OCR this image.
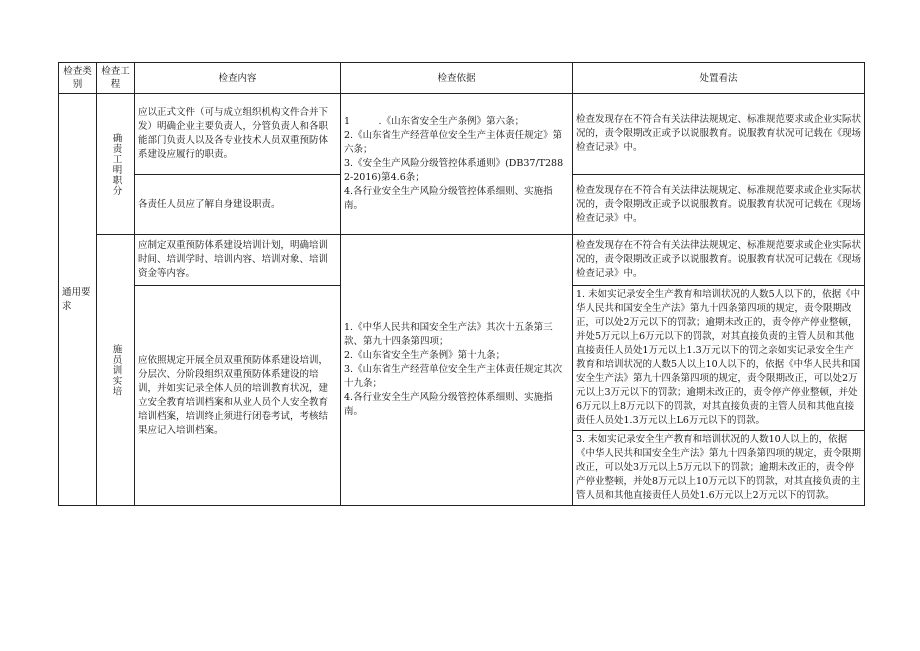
检查类别	检查工程	检查内容	检查依据	处置看法
通用要求	确责工明职分	应以正式文件（可与成立组织机构文件合并下发）明确企业主要负责人，分管负责人和各职能部门负责人以及各专业技术人员双重预防体系建设应履行的职责。	1　　　.《山东省安全生产条例》第六条；
2.《山东省生产经营单位安全生产主体责任规定》第六条；
3.《安全生产风险分级管控体系通则》(DB37/T2882-2016)第4.6条；
4.各行业安全生产风险分级管控体系细则、实施指南。	检查发现存在不符合有关法律法规规定、标准规范要求或企业实际状况的，责令限期改正或予以说服教育。说服教育状况可记载在《现场检查记录》中。
		各责任人员应了解自身建设职责。		检查发现存在不符合有关法律法规规定、标准规范要求或企业实际状况的，责令限期改正或予以说服教育。说服教育状况可记载在《现场检查记录》中。

	施员训实培	应制定双重预防体系建设培训计划，明确培训时间、培训学时、培训内容、培训对象、培训资金等内容。	1.《中华人民共和国安全生产法》其次十五条第三款、第九十四条第四项；
2.《山东省安全生产条例》第十九条；
3.《山东省生产经营单位安全生产主体责任规定其次十九条；
4.各行业安全生产风险分级管控体系细则、实施指南。	检查发现存在不符合有关法律法规规定、标准规范要求或企业实际状况的，责令限期改正或予以说服教育。说服教育状况可记载在《现场检查记录》中。
		应依照规定开展全员双重预防体系建设培训，分层次、分阶段组织双重预防体系建设的培训，并如实记录全体人员的培训教育状况，建立安全教育培训档案和从业人员个人安全教育培训档案，培训终止须进行闭卷考试，考核结果应记入培训档案。		1. 未如实记录安全生产教育和培训状况的人数5人以下的，依据《中华人民共和国安全生产法》第九十四条第四项的规定，责令限期改正，可以处2万元以下的罚款；逾期未改正的，责令停产停业整顿，并处5万元以上6万元以下的罚款，对其直接负责的主管人员和其他直接责任人员处1万元以上1.3万元以下的罚之亲如实记录安全生产教育和培训状况的人数5人以上10人以下的，依据《中华人民共和国安全生产法》第九十四条第四项的规定，责令限期改正，可以处2万元以上3万元以下的罚款；逾期未改正的，责令停产停业整顿，并处6万元以上8万元以下的罚款，对其直接负责的主管人员和其他直接责任人员处1.3万元以上L6万元以下的罚款。
				3. 未如实记录安全生产教育和培训状况的人数10人以上的，依据《中华人民共和国安全生产法》第九十四条第四项的规定，责令限期改正，可以处3万元以上5万元以下的罚款；逾期未改正的，责令停产停业整顿，并处8万元以上10万元以下的罚款，对其直接负责的主管人员和其他直接责任人员处1.6万元以上2万元以下的罚款。
